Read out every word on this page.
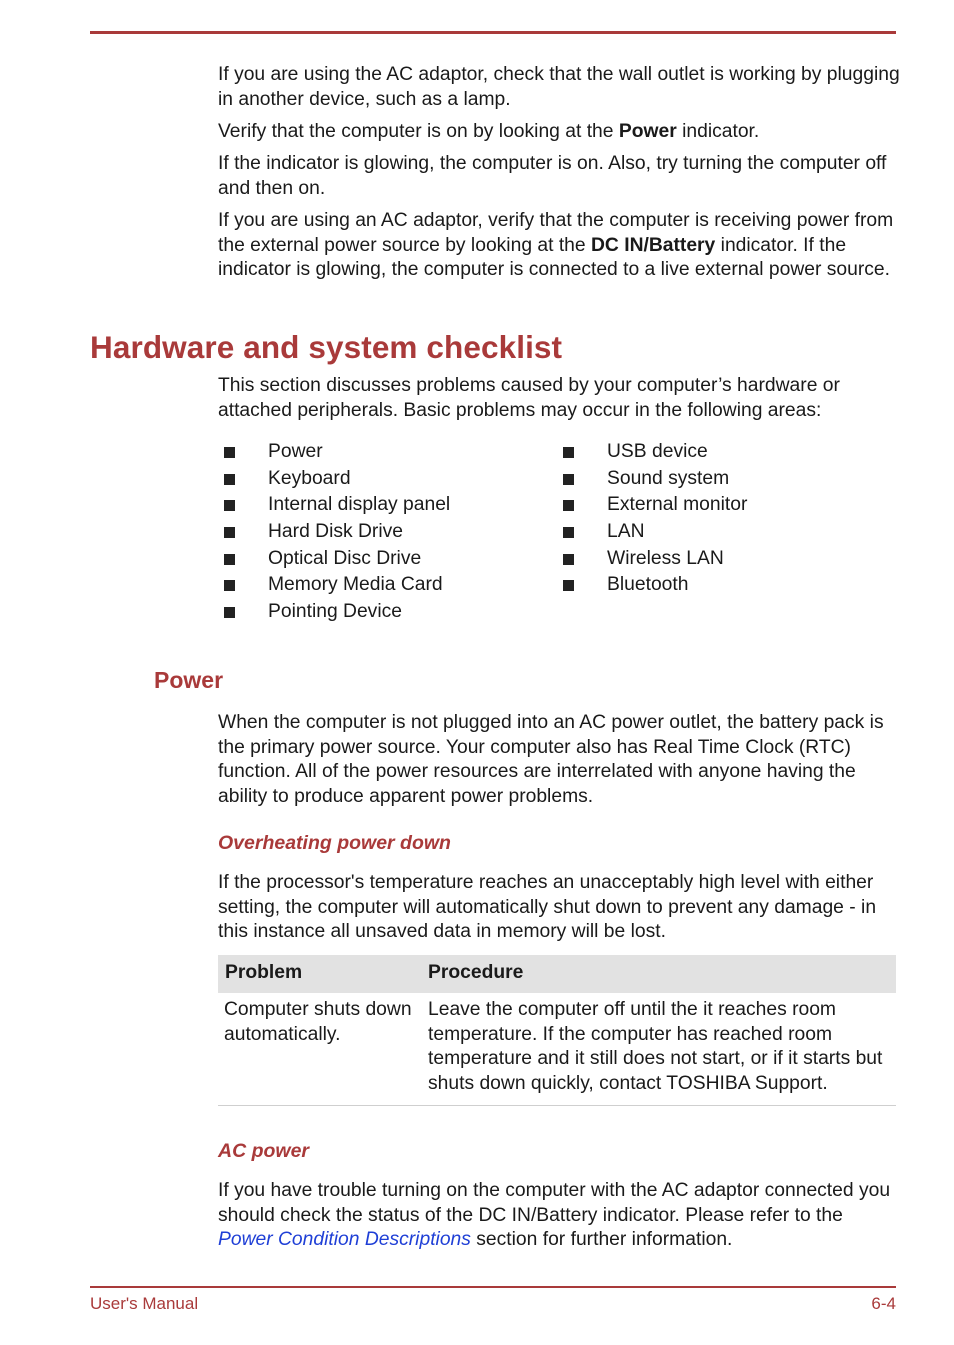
If you are using the AC adaptor, check that the wall outlet is working by plugging in another device, such as a lamp.

Verify that the computer is on by looking at the Power indicator.

If the indicator is glowing, the computer is on. Also, try turning the computer off and then on.

If you are using an AC adaptor, verify that the computer is receiving power from the external power source by looking at the DC IN/Battery indicator. If the indicator is glowing, the computer is connected to a live external power source.

Hardware and system checklist

This section discusses problems caused by your computer’s hardware or attached peripherals. Basic problems may occur in the following areas:

Power
Keyboard
Internal display panel
Hard Disk Drive
Optical Disc Drive
Memory Media Card
Pointing Device
USB device
Sound system
External monitor
LAN
Wireless LAN
Bluetooth
Power

When the computer is not plugged into an AC power outlet, the battery pack is the primary power source. Your computer also has Real Time Clock (RTC) function. All of the power resources are interrelated with anyone having the ability to produce apparent power problems.

Overheating power down

If the processor's temperature reaches an unacceptably high level with either setting, the computer will automatically shut down to prevent any damage - in this instance all unsaved data in memory will be lost.

Problem	Procedure
Computer shuts down automatically.
Leave the computer off until the it reaches room temperature. If the computer has reached room temperature and it still does not start, or if it starts but shuts down quickly, contact TOSHIBA Support.
AC power

If you have trouble turning on the computer with the AC adaptor connected you should check the status of the DC IN/Battery indicator. Please refer to the Power Condition Descriptions section for further information.

User's Manual	6-4
